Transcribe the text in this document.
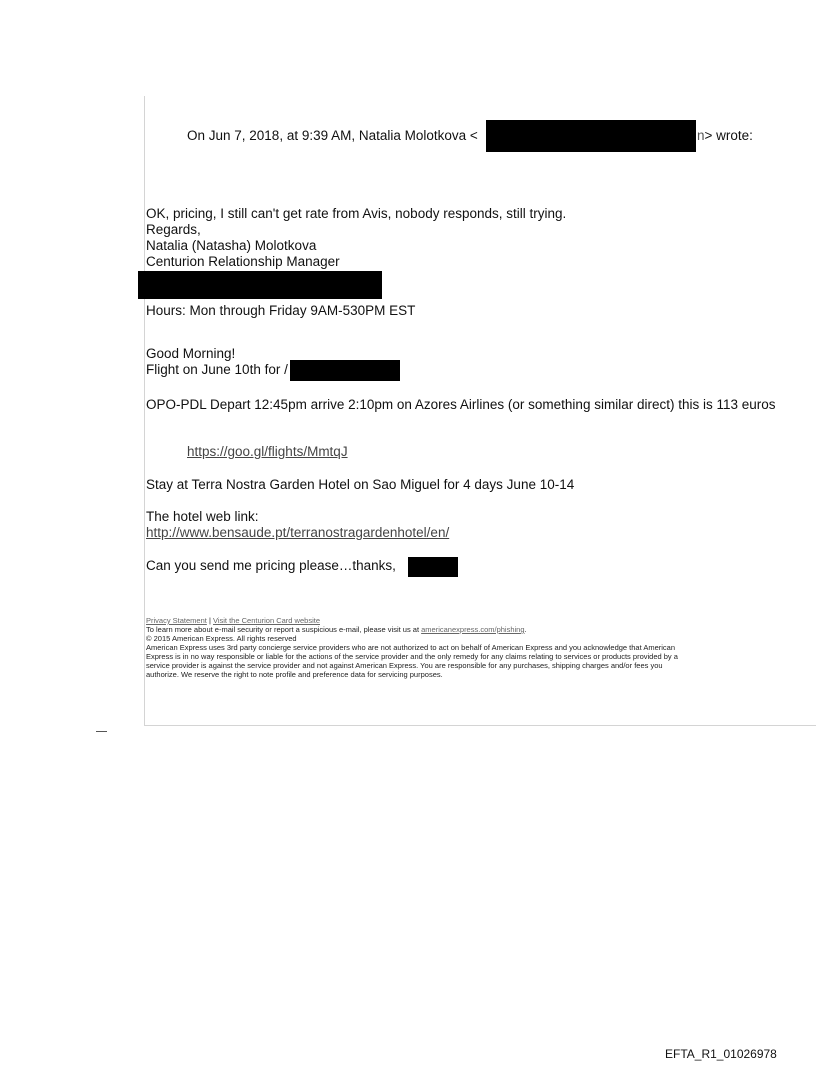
On Jun 7, 2018, at 9:39 AM, Natalia Molotkova <	n> wrote:
OK, pricing, I still can't get rate from Avis, nobody responds, still trying.
Regards,
Natalia (Natasha) Molotkova
Centurion Relationship Manager
Hours: Mon through Friday 9AM-530PM EST
Good Morning!
Flight on June 10th for /
OPO-PDL Depart 12:45pm arrive 2:10pm on Azores Airlines (or something similar direct) this is 113 euros
https://goo.gl/flights/MmtqJ
Stay at Terra Nostra Garden Hotel on Sao Miguel for 4 days June 10-14
The hotel web link:
http://www.bensaude.pt/terranostragardenhotel/en/
Can you send me pricing please…thanks,
Privacy Statement | Visit the Centurion Card website
To learn more about e-mail security or report a suspicious e-mail, please visit us at americanexpress.com/phishing.
© 2015 American Express. All rights reserved
American Express uses 3rd party concierge service providers who are not authorized to act on behalf of American Express and you acknowledge that American
Express is in no way responsible or liable for the actions of the service provider and the only remedy for any claims relating to services or products provided by a
service provider is against the service provider and not against American Express. You are responsible for any purchases, shipping charges and/or fees you
authorize. We reserve the right to note profile and preference data for servicing purposes.
EFTA_R1_01026978
